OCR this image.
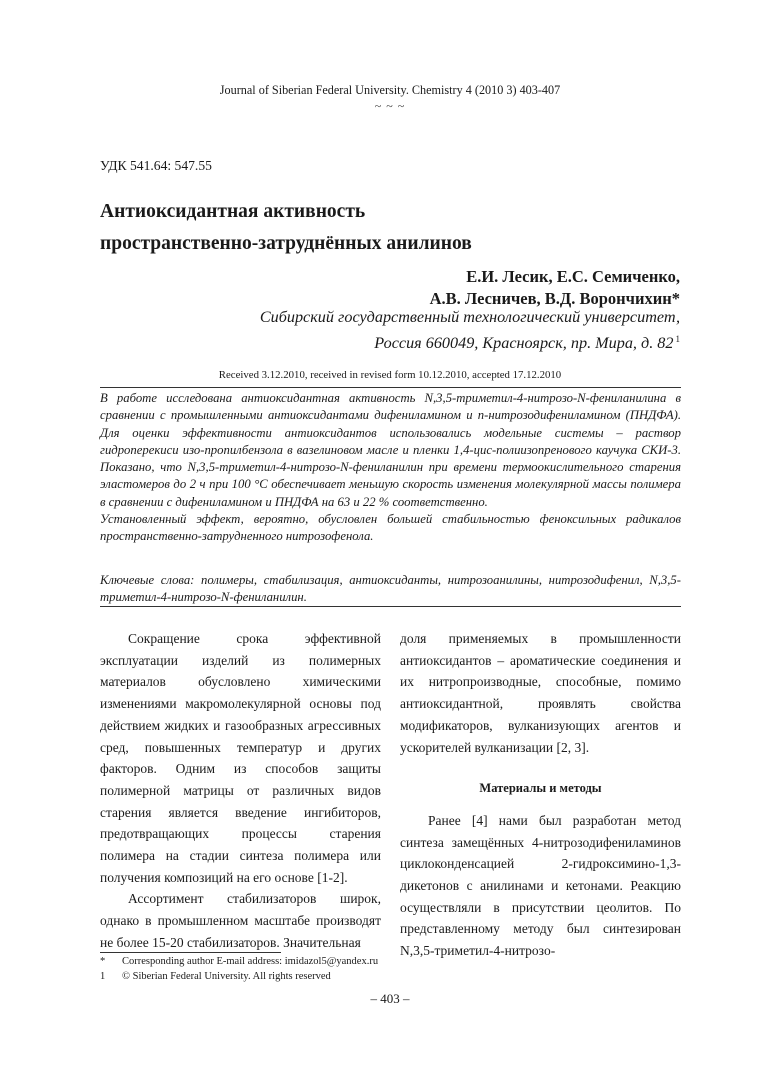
Journal of Siberian Federal University. Chemistry 4 (2010 3) 403-407
~ ~ ~
УДК 541.64: 547.55
Антиоксидантная активность
пространственно-затруднённых анилинов
Е.И. Лесик, Е.С. Семиченко,
А.В. Лесничев, В.Д. Ворончихин*
Сибирский государственный технологический университет,
Россия 660049, Красноярск, пр. Мира, д. 82 $^1$
Received 3.12.2010, received in revised form 10.12.2010, accepted 17.12.2010

В работе исследована антиоксидантная активность N,3,5-триметил-4-нитрозо-N-фениланилина в сравнении с промышленными антиоксидантами дифениламином и п-нитрозодифениламином (ПНДФА). Для оценки эффективности антиоксидантов использовались модельные системы – раствор гидроперекиси изо-пропилбензола в вазелиновом масле и пленки 1,4-цис-полиизопренового каучука СКИ-3. Показано, что N,3,5-триметил-4-нитрозо-N-фениланилин при времени термоокислительного старения эластомеров до 2 ч при 100 °С обеспечивает меньшую скорость изменения молекулярной массы полимера в сравнении с дифениламином и ПНДФА на 63 и 22 % соответственно.

Установленный эффект, вероятно, обусловлен большей стабильностью феноксильных радикалов пространственно-затрудненного нитрозофенола.

Ключевые слова: полимеры, стабилизация, антиоксиданты, нитрозоанилины, нитрозодифенил, N,3,5-триметил-4-нитрозо-N-фениланилин.

Сокращение срока эффективной эксплуатации изделий из полимерных материалов обусловлено химическими изменениями макромолекулярной основы под действием жидких и газообразных агрессивных сред, повышенных температур и других факторов. Одним из способов защиты полимерной матрицы от различных видов старения является введение ингибиторов, предотвращающих процессы старения полимера на стадии синтеза полимера или получения композиций на его основе [1-2].

Ассортимент стабилизаторов широк, однако в промышленном масштабе производят не более 15-20 стабилизаторов. Значительная

доля применяемых в промышленности антиоксидантов – ароматические соединения и их нитропроизводные, способные, помимо антиоксидантной, проявлять свойства модификаторов, вулканизующих агентов и ускорителей вулканизации [2, 3].

Материалы и методы

Ранее [4] нами был разработан метод синтеза замещённых 4-нитрозодифениламинов циклоконденсацией 2-гидроксимино-1,3-дикетонов с анилинами и кетонами. Реакцию осуществляли в присутствии цеолитов. По представленному методу был синтезирован N,3,5-триметил-4-нитрозо-

* Corresponding author E-mail address: imidazol5@yandex.ru
1 © Siberian Federal University. All rights reserved
– 403 –
